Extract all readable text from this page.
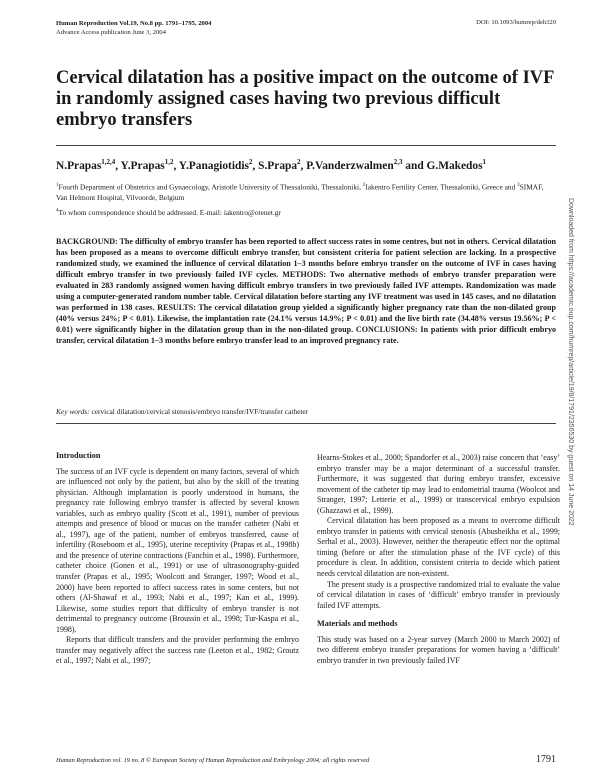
Human Reproduction Vol.19, No.8 pp. 1791–1795, 2004
Advance Access publication June 3, 2004
DOI: 10.1093/humrep/deh320
Cervical dilatation has a positive impact on the outcome of IVF in randomly assigned cases having two previous difficult embryo transfers
N.Prapas$^{1,2,4}$, Y.Prapas$^{1,2}$, Y.Panagiotidis$^2$, S.Prapa$^2$, P.Vanderzwalmen$^{2,3}$ and G.Makedos$^1$
$^1$Fourth Department of Obstetrics and Gynaecology, Aristotle University of Thessaloniki, Thessaloniki, $^2$Iakentro Fertility Center, Thessaloniki, Greece and $^3$SIMAF, Van Helmont Hospital, Vilvoorde, Belgium
$^4$To whom correspondence should be addressed. E-mail: iakentro@otenet.gr
BACKGROUND: The difficulty of embryo transfer has been reported to affect success rates in some centres, but not in others. Cervical dilatation has been proposed as a means to overcome difficult embryo transfer, but consistent criteria for patient selection are lacking. In a prospective randomized study, we examined the influence of cervical dilatation 1–3 months before embryo transfer on the outcome of IVF in cases having difficult embryo transfer in two previously failed IVF cycles. METHODS: Two alternative methods of embryo transfer preparation were evaluated in 283 randomly assigned women having difficult embryo transfers in two previously failed IVF attempts. Randomization was made using a computer-generated random number table. Cervical dilatation before starting any IVF treatment was used in 145 cases, and no dilatation was performed in 138 cases. RESULTS: The cervical dilatation group yielded a significantly higher pregnancy rate than the non-dilated group (40% versus 24%; P < 0.01). Likewise, the implantation rate (24.1% versus 14.9%; P < 0.01) and the live birth rate (34.48% versus 19.56%; P < 0.01) were significantly higher in the dilatation group than in the non-dilated group. CONCLUSIONS: In patients with prior difficult embryo transfer, cervical dilatation 1–3 months before embryo transfer lead to an improved pregnancy rate.
Key words: cervical dilatation/cervical stenosis/embryo transfer/IVF/transfer catheter
Introduction

The success of an IVF cycle is dependent on many factors, several of which are influenced not only by the patient, but also by the skill of the treating physician. Although implantation is poorly understood in humans, the pregnancy rate following embryo transfer is affected by several known variables, such as embryo quality (Scott et al., 1991), number of previous attempts and presence of blood or mucus on the transfer catheter (Nabi et al., 1997), age of the patient, number of embryos transferred, cause of infertility (Roseboom et al., 1995), uterine receptivity (Prapas et al., 1998b) and the presence of uterine contractions (Fanchin et al., 1998). Furthermore, catheter choice (Gonen et al., 1991) or use of ultrasonography-guided transfer (Prapas et al., 1995; Woolcott and Stranger, 1997; Wood et al., 2000) have been reported to affect success rates in some centers, but not others (Al-Shawaf et al., 1993; Nabi et al., 1997; Kan et al., 1999). Likewise, some studies report that difficulty of embryo transfer is not detrimental to pregnancy outcome (Broussin et al., 1998; Tur-Kaspa et al., 1998).

Reports that difficult transfers and the provider performing the embryo transfer may negatively affect the success rate (Leeton et al., 1982; Groutz et al., 1997; Nabi et al., 1997;

Hearns-Stokes et al., 2000; Spandorfer et al., 2003) raise concern that ‘easy’ embryo transfer may be a major determinant of a successful transfer. Furthermore, it was suggested that during embryo transfer, excessive movement of the catheter tip may lead to endometrial trauma (Woolcot and Stranger, 1997; Letterie et al., 1999) or transcervical embryo expulsion (Ghazzawi et al., 1999).

Cervical dilatation has been proposed as a means to overcome difficult embryo transfer in patients with cervical stenosis (Abusheikha et al., 1999; Serhal et al., 2003). However, neither the therapeutic effect nor the optimal timing (before or after the stimulation phase of the IVF cycle) of this procedure is clear. In addition, consistent criteria to decide which patient needs cervical dilatation are non-existent.

The present study is a prospective randomized trial to evaluate the value of cervical dilatation in cases of ‘difficult’ embryo transfer in previously failed IVF attempts.

Materials and methods

This study was based on a 2-year survey (March 2000 to March 2002) of two different embryo transfer preparations for women having a ‘difficult’ embryo transfer in two previously failed IVF

Human Reproduction vol. 19 no. 8 © European Society of Human Reproduction and Embryology 2004; all rights reserved	1791
Downloaded from https://academic.oup.com/humrep/article/19/8/1791/2356530 by guest on 14 June 2022
